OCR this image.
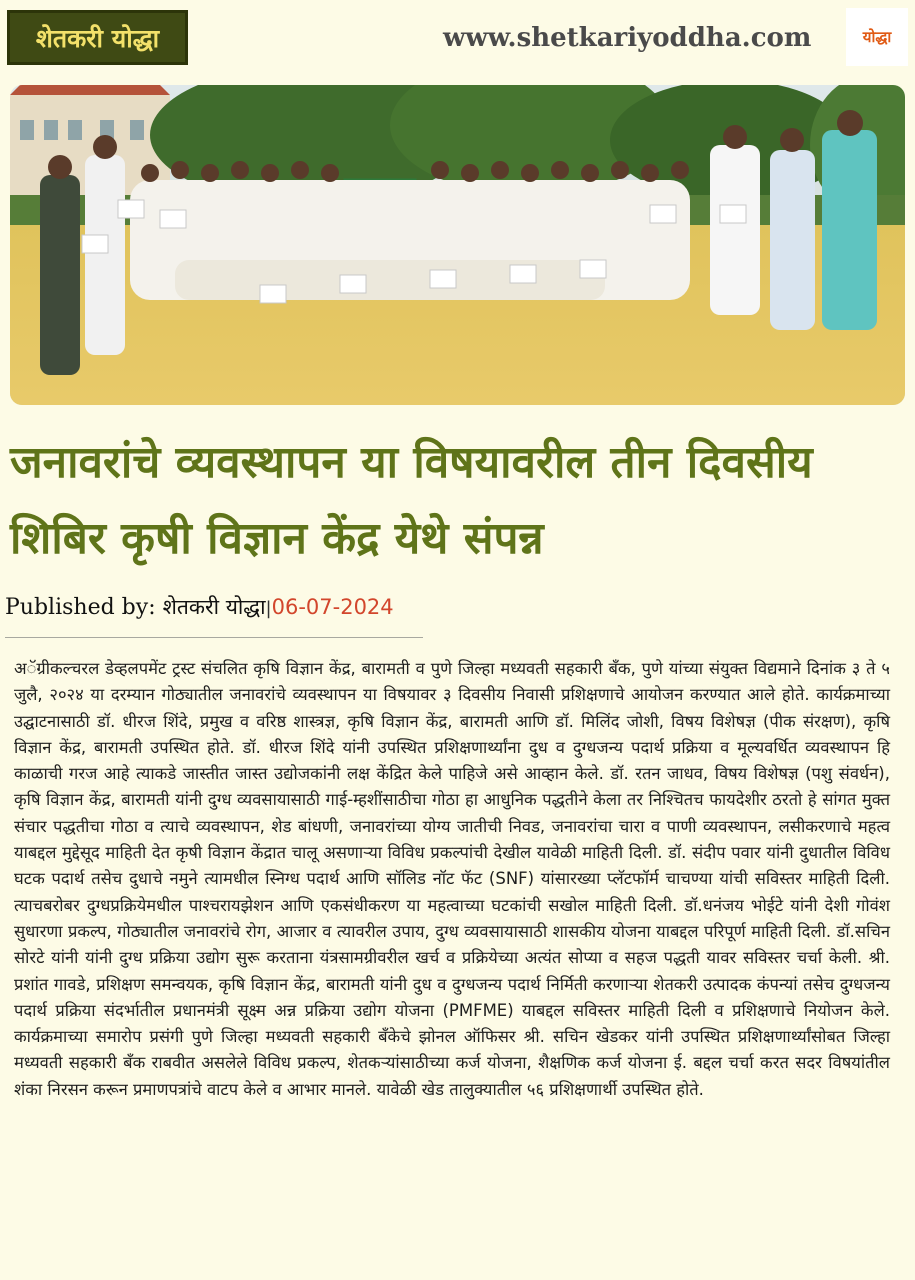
शेतकरी योद्धा	www.shetkariyoddha.com	योद्धा
जनावरांचे व्यवस्थापन या विषयावरील तीन दिवसीय शिबिर कृषी विज्ञान केंद्र येथे संपन्न
Published by: शेतकरी योद्धा|06-07-2024

अॅग्रीकल्चरल डेव्हलपमेंट ट्रस्ट संचलित कृषि विज्ञान केंद्र, बारामती व पुणे जिल्हा मध्यवती सहकारी बँक, पुणे यांच्या संयुक्त विद्यमाने दिनांक ३ ते ५ जुलै, २०२४ या दरम्यान गोठ्यातील जनावरांचे व्यवस्थापन या विषयावर ३ दिवसीय निवासी प्रशिक्षणाचे आयोजन करण्यात आले होते. कार्यक्रमाच्या उद्घाटनासाठी डॉ. धीरज शिंदे, प्रमुख व वरिष्ठ शास्त्रज्ञ, कृषि विज्ञान केंद्र, बारामती आणि डॉ. मिलिंद जोशी, विषय विशेषज्ञ (पीक संरक्षण), कृषि विज्ञान केंद्र, बारामती उपस्थित होते. डॉ. धीरज शिंदे यांनी उपस्थित प्रशिक्षणार्थ्यांना दुध व दुग्धजन्य पदार्थ प्रक्रिया व मूल्यवर्धित व्यवस्थापन हि काळाची गरज आहे त्याकडे जास्तीत जास्त उद्योजकांनी लक्ष केंद्रित केले पाहिजे असे आव्हान केले. डॉ. रतन जाधव, विषय विशेषज्ञ (पशु संवर्धन), कृषि विज्ञान केंद्र, बारामती यांनी दुग्ध व्यवसायासाठी गाई-म्हशींसाठीचा गोठा हा आधुनिक पद्धतीने केला तर निश्चितच फायदेशीर ठरतो हे सांगत मुक्त संचार पद्धतीचा गोठा व त्याचे व्यवस्थापन, शेड बांधणी, जनावरांच्या योग्य जातीची निवड, जनावरांचा चारा व पाणी व्यवस्थापन, लसीकरणाचे महत्व याबद्दल मुद्देसूद माहिती देत कृषी विज्ञान केंद्रात चालू असणाऱ्या विविध प्रकल्पांची देखील यावेळी माहिती दिली. डॉ. संदीप पवार यांनी दुधातील विविध घटक पदार्थ तसेच दुधाचे नमुने त्यामधील स्निग्ध पदार्थ आणि सॉलिड नॉट फॅट (SNF) यांसारख्या प्लॅटफॉर्म चाचण्या यांची सविस्तर माहिती दिली. त्याचबरोबर दुग्धप्रक्रियेमधील पाश्चरायझेशन आणि एकसंधीकरण या महत्वाच्या घटकांची सखोल माहिती दिली. डॉ.धनंजय भोईटे यांनी देशी गोवंश सुधारणा प्रकल्प, गोठ्यातील जनावरांचे रोग, आजार व त्यावरील उपाय, दुग्ध व्यवसायासाठी शासकीय योजना याबद्दल परिपूर्ण माहिती दिली. डॉ.सचिन सोरटे यांनी यांनी दुग्ध प्रक्रिया उद्योग सुरू करताना यंत्रसामग्रीवरील खर्च व प्रक्रियेच्या अत्यंत सोप्या व सहज पद्धती यावर सविस्तर चर्चा केली. श्री. प्रशांत गावडे, प्रशिक्षण समन्वयक, कृषि विज्ञान केंद्र, बारामती यांनी दुध व दुग्धजन्य पदार्थ निर्मिती करणाऱ्या शेतकरी उत्पादक कंपन्यां तसेच दुग्धजन्य पदार्थ प्रक्रिया संदर्भातील प्रधानमंत्री सूक्ष्म अन्न प्रक्रिया उद्योग योजना (PMFME) याबद्दल सविस्तर माहिती दिली व प्रशिक्षणाचे नियोजन केले. कार्यक्रमाच्या समारोप प्रसंगी पुणे जिल्हा मध्यवती सहकारी बँकेचे झोनल ऑफिसर श्री. सचिन खेडकर यांनी उपस्थित प्रशिक्षणार्थ्यांसोबत जिल्हा मध्यवती सहकारी बँक राबवीत असलेले विविध प्रकल्प, शेतकऱ्यांसाठीच्या कर्ज योजना, शैक्षणिक कर्ज योजना ई. बद्दल चर्चा करत सदर विषयांतील शंका निरसन करून प्रमाणपत्रांचे वाटप केले व आभार मानले. यावेळी खेड तालुक्यातील ५६ प्रशिक्षणार्थी उपस्थित होते.
